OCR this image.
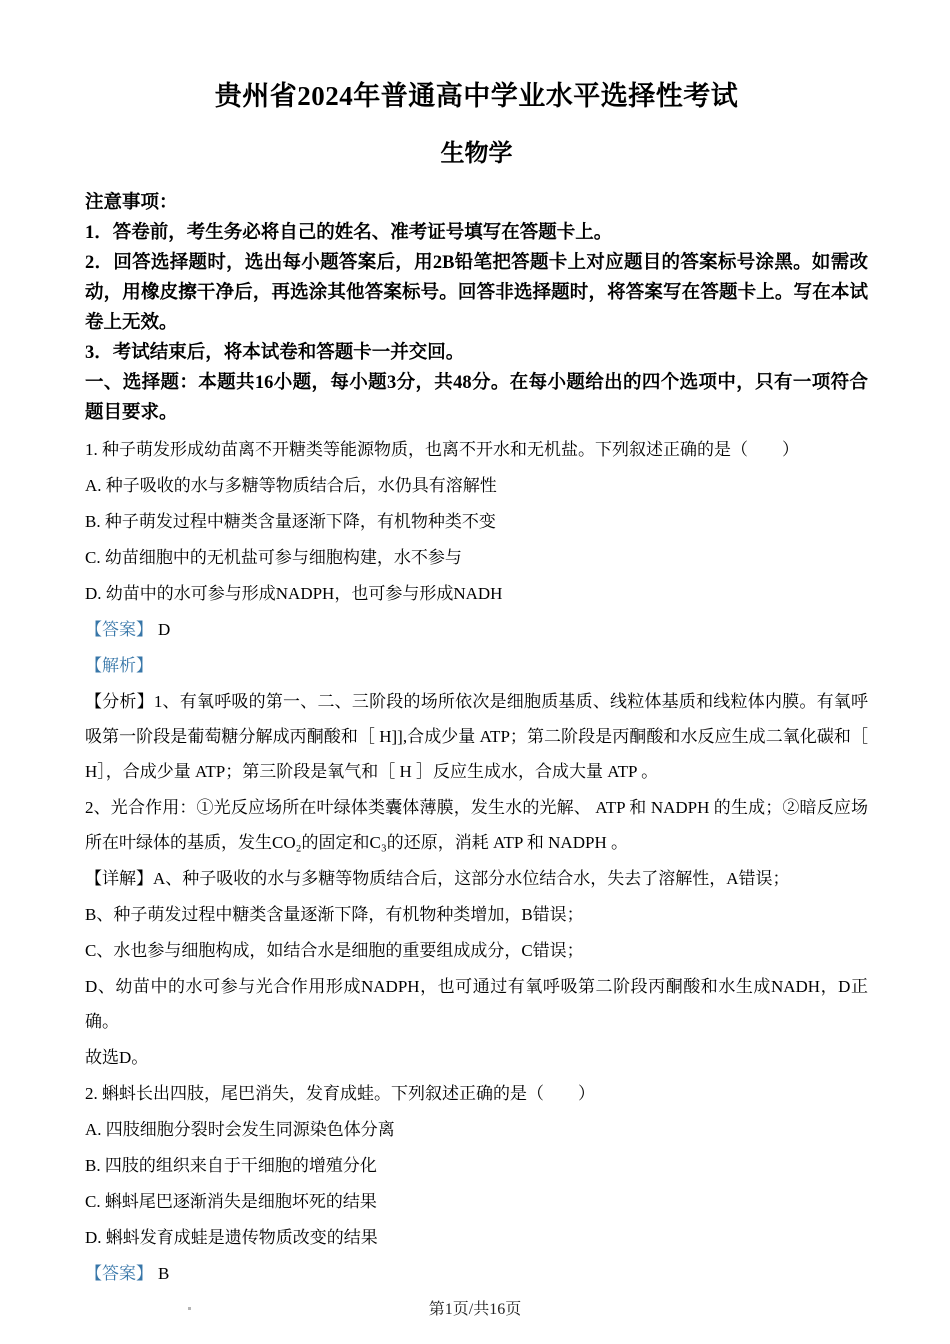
贵州省2024年普通高中学业水平选择性考试
生物学

注意事项：

1．答卷前，考生务必将自己的姓名、准考证号填写在答题卡上。

2．回答选择题时，选出每小题答案后，用2B铅笔把答题卡上对应题目的答案标号涂黑。如需改动，用橡皮擦干净后，再选涂其他答案标号。回答非选择题时，将答案写在答题卡上。写在本试卷上无效。

3．考试结束后，将本试卷和答题卡一并交回。

一、选择题：本题共16小题，每小题3分，共48分。在每小题给出的四个选项中，只有一项符合题目要求。

1. 种子萌发形成幼苗离不开糖类等能源物质，也离不开水和无机盐。下列叙述正确的是（　　）

A. 种子吸收的水与多糖等物质结合后，水仍具有溶解性

B. 种子萌发过程中糖类含量逐渐下降，有机物种类不变

C. 幼苗细胞中的无机盐可参与细胞构建，水不参与

D. 幼苗中的水可参与形成NADPH，也可参与形成NADH

【答案】 D

【解析】

【分析】1、有氧呼吸的第一、二、三阶段的场所依次是细胞质基质、线粒体基质和线粒体内膜。有氧呼吸第一阶段是葡萄糖分解成丙酮酸和［ H]],合成少量 ATP；第二阶段是丙酮酸和水反应生成二氧化碳和［ H］，合成少量 ATP；第三阶段是氧气和［ H ］反应生成水，合成大量 ATP 。

2、光合作用：①光反应场所在叶绿体类囊体薄膜，发生水的光解、 ATP 和 NADPH 的生成；②暗反应场所在叶绿体的基质，发生CO₂的固定和C₃的还原，消耗 ATP 和 NADPH 。

【详解】A、种子吸收的水与多糖等物质结合后，这部分水位结合水，失去了溶解性，A错误；

B、种子萌发过程中糖类含量逐渐下降，有机物种类增加，B错误；

C、水也参与细胞构成，如结合水是细胞的重要组成成分，C错误；

D、幼苗中的水可参与光合作用形成NADPH，也可通过有氧呼吸第二阶段丙酮酸和水生成NADH，D正确。

故选D。

2. 蝌蚪长出四肢，尾巴消失，发育成蛙。下列叙述正确的是（　　）

A. 四肢细胞分裂时会发生同源染色体分离

B. 四肢的组织来自于干细胞的增殖分化

C. 蝌蚪尾巴逐渐消失是细胞坏死的结果

D. 蝌蚪发育成蛙是遗传物质改变的结果

【答案】 B

第1页/共16页
